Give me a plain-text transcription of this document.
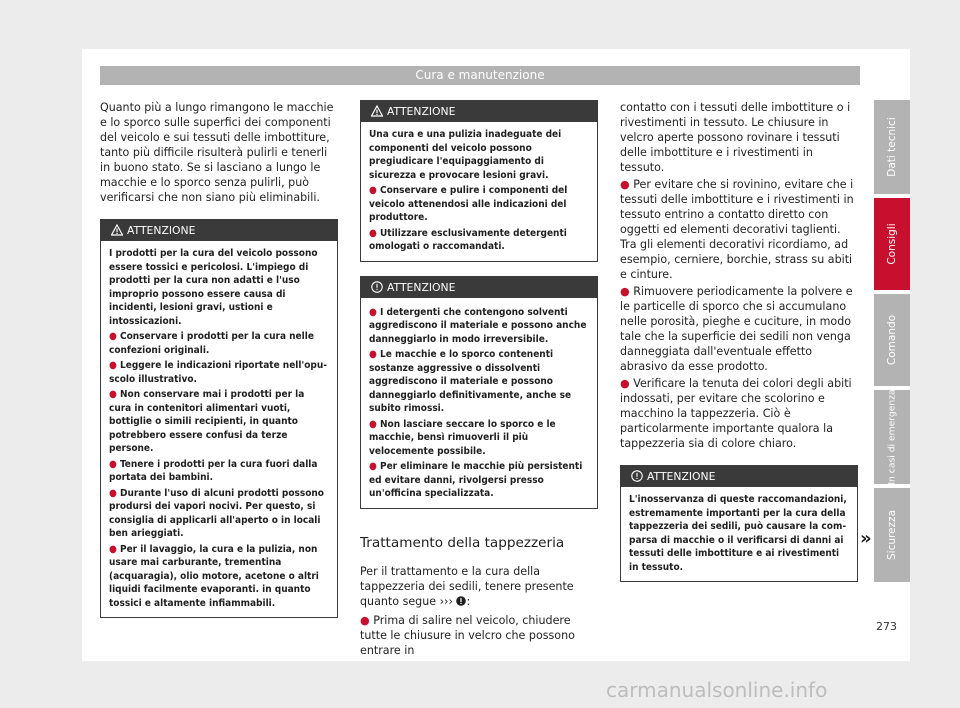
Cura e manutenzione

Quanto più a lungo rimangono le macchie e lo sporco sulle superfici dei componenti del veicolo e sui tessuti delle imbottiture, tanto più difficile risulterà pulirli e tenerli in buono stato. Se si lasciano a lungo le macchie e lo sporco senza pulirli, può verificarsi che non siano più eliminabili.

ATTENZIONE
I prodotti per la cura del veicolo possono essere tossici e pericolosi. L'impiego di prodotti per la cura non adatti e l'uso improprio possono essere causa di incidenti, lesioni gravi, ustioni e intossicazioni.
● Conservare i prodotti per la cura nelle confezioni originali.
● Leggere le indicazioni riportate nell'opuscolo illustrativo.
● Non conservare mai i prodotti per la cura in contenitori alimentari vuoti, bottiglie o simili recipienti, in quanto potrebbero essere confusi da terze persone.
● Tenere i prodotti per la cura fuori dalla portata dei bambini.
● Durante l'uso di alcuni prodotti possono prodursi dei vapori nocivi. Per questo, si consiglia di applicarli all'aperto o in locali ben arieggiati.
● Per il lavaggio, la cura e la pulizia, non usare mai carburante, trementina (acquaragia), olio motore, acetone o altri liquidi facilmente evaporanti. in quanto tossici e altamente infiammabili.
ATTENZIONE
Una cura e una pulizia inadeguate dei componenti del veicolo possono pregiudicare l'equipaggiamento di sicurezza e provocare lesioni gravi.
● Conservare e pulire i componenti del veicolo attenendosi alle indicazioni del produttore.
● Utilizzare esclusivamente detergenti omologati o raccomandati.
ATTENZIONE
● I detergenti che contengono solventi aggrediscono il materiale e possono anche danneggiarlo in modo irreversibile.
● Le macchie e lo sporco contenenti sostanze aggressive o dissolventi aggrediscono il materiale e possono danneggiarlo definitivamente, anche se subito rimossi.
● Non lasciare seccare lo sporco e le macchie, bensì rimuoverli il più velocemente possibile.
● Per eliminare le macchie più persistenti ed evitare danni, rivolgersi presso un'officina specializzata.
Trattamento della tappezzeria

Per il trattamento e la cura della tappezzeria dei sedili, tenere presente quanto segue ››› :

● Prima di salire nel veicolo, chiudere tutte le chiusure in velcro che possono entrare in

contatto con i tessuti delle imbottiture o i rivestimenti in tessuto. Le chiusure in velcro aperte possono rovinare i tessuti delle imbottiture e i rivestimenti in tessuto.

● Per evitare che si rovinino, evitare che i tessuti delle imbottiture e i rivestimenti in tessuto entrino a contatto diretto con oggetti ed elementi decorativi taglienti. Tra gli elementi decorativi ricordiamo, ad esempio, cerniere, borchie, strass su abiti e cinture.

● Rimuovere periodicamente la polvere e le particelle di sporco che si accumulano nelle porosità, pieghe e cuciture, in modo tale che la superficie dei sedili non venga danneggiata dall'eventuale effetto abrasivo da esse prodotto.

● Verificare la tenuta dei colori degli abiti indossati, per evitare che scolorino e macchino la tappezzeria. Ciò è particolarmente importante qualora la tappezzeria sia di colore chiaro.

ATTENZIONE
L'inosservanza di queste raccomandazioni, estremamente importanti per la cura della tappezzeria dei sedili, può causare la comparsa di macchie o il verificarsi di danni ai tessuti delle imbottiture e ai rivestimenti in tessuto.
»
Dati tecnici
Consigli
Comando
In casi di emergenza
Sicurezza
273
carmanualsonline.info
